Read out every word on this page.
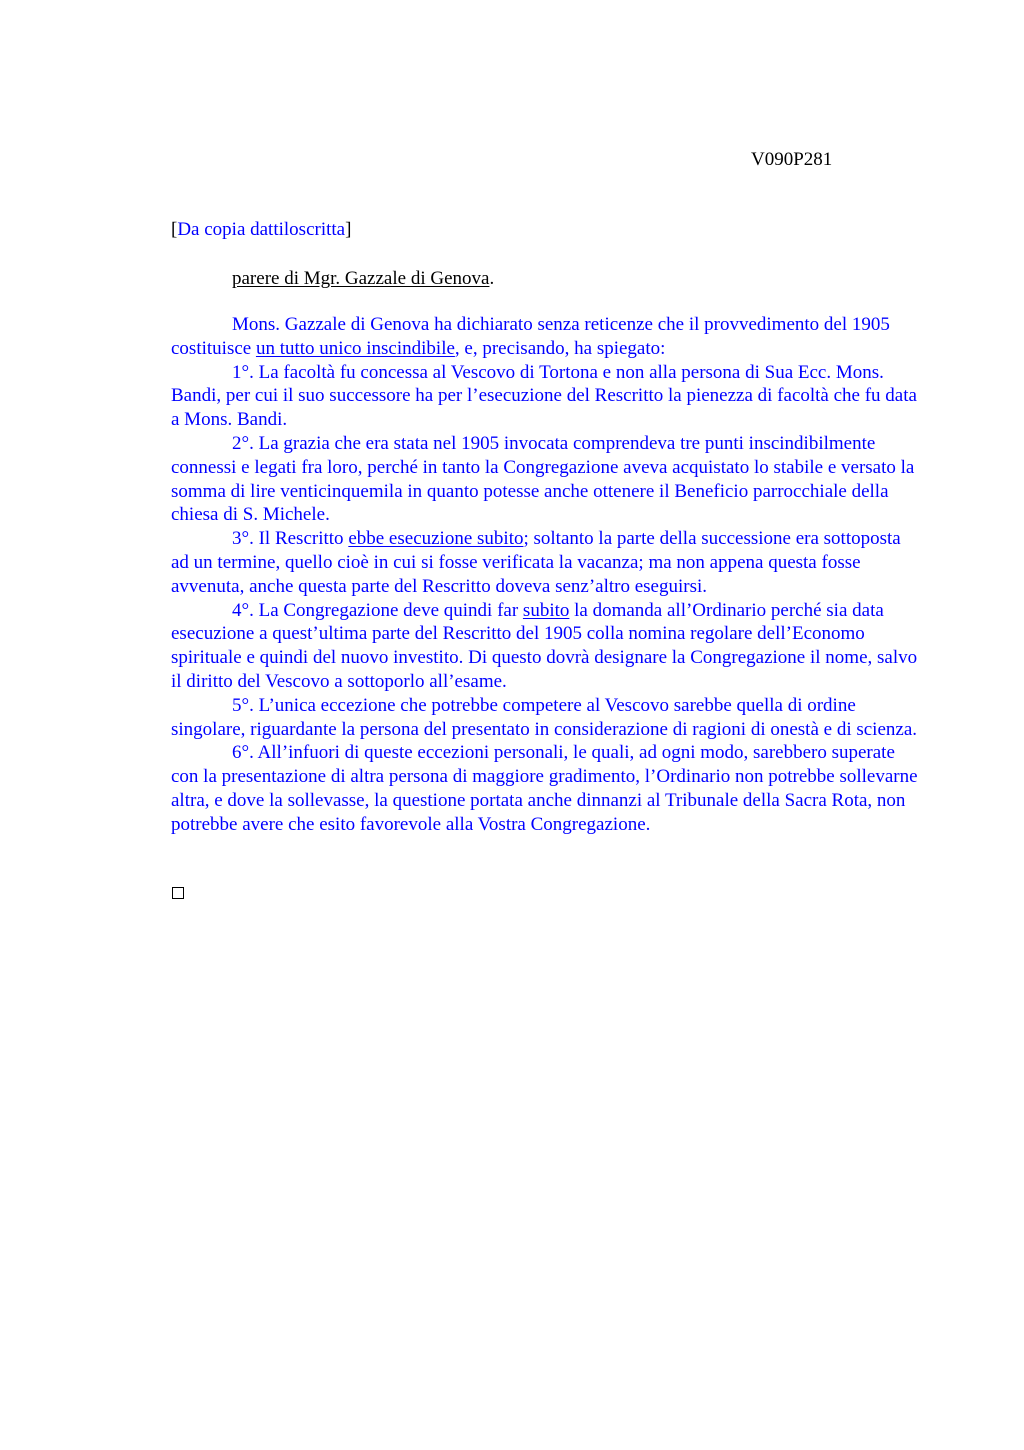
V090P281
[Da copia dattiloscritta]
parere di Mgr. Gazzale di Genova.

Mons. Gazzale di Genova ha dichiarato senza reticenze che il provvedimento del 1905 costituisce un tutto unico inscindibile, e, precisando, ha spiegato:

1°. La facoltà fu concessa al Vescovo di Tortona e non alla persona di Sua Ecc. Mons. Bandi, per cui il suo successore ha per l’esecuzione del Rescritto la pienezza di facoltà che fu data a Mons. Bandi.

2°. La grazia che era stata nel 1905 invocata comprendeva tre punti inscindibilmente connessi e legati fra loro, perché in tanto la Congregazione aveva acquistato lo stabile e versato la somma di lire venticinquemila in quanto potesse anche ottenere il Beneficio parrocchiale della chiesa di S. Michele.

3°. Il Rescritto ebbe esecuzione subito; soltanto la parte della successione era sottoposta ad un termine, quello cioè in cui si fosse verificata la vacanza; ma non appena questa fosse avvenuta, anche questa parte del Rescritto doveva senz’altro eseguirsi.

4°. La Congregazione deve quindi far subito la domanda all’Ordinario perché sia data esecuzione a quest’ultima parte del Rescritto del 1905 colla nomina regolare dell’Economo spirituale e quindi del nuovo investito. Di questo dovrà designare la Congregazione il nome, salvo il diritto del Vescovo a sottoporlo all’esame.

5°. L’unica eccezione che potrebbe competere al Vescovo sarebbe quella di ordine singolare, riguardante la persona del presentato in considerazione di ragioni di onestà e di scienza.

6°. All’infuori di queste eccezioni personali, le quali, ad ogni modo, sarebbero superate con la presentazione di altra persona di maggiore gradimento, l’Ordinario non potrebbe sollevarne altra, e dove la sollevasse, la questione portata anche dinnanzi al Tribunale della Sacra Rota, non potrebbe avere che esito favorevole alla Vostra Congregazione.
